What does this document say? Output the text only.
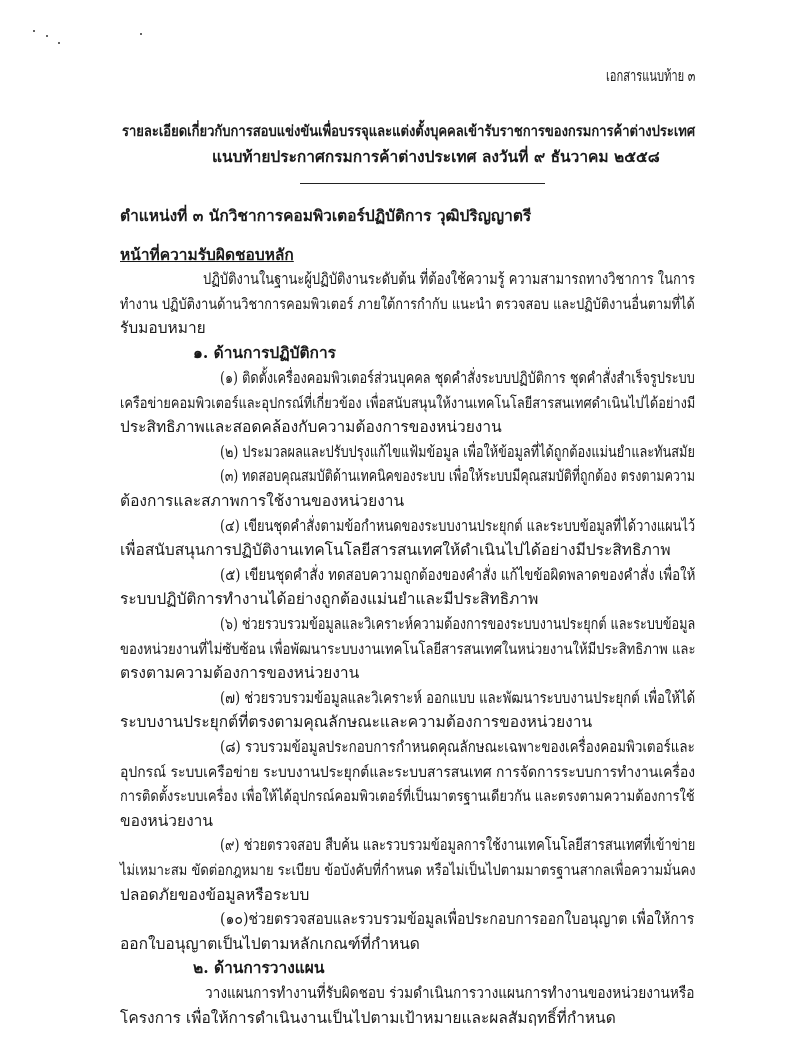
เอกสารแนบท้าย ๓
รายละเอียดเกี่ยวกับการสอบแข่งขันเพื่อบรรจุและแต่งตั้งบุคคลเข้ารับราชการของกรมการค้าต่างประเทศ
แนบท้ายประกาศกรมการค้าต่างประเทศ ลงวันที่ ๙ ธันวาคม ๒๕๕๘
ตำแหน่งที่ ๓ นักวิชาการคอมพิวเตอร์ปฏิบัติการ วุฒิปริญญาตรี
หน้าที่ความรับผิดชอบหลัก
ปฏิบัติงานในฐานะผู้ปฏิบัติงานระดับต้น ที่ต้องใช้ความรู้ ความสามารถทางวิชาการ ในการ
ทำงาน ปฏิบัติงานด้านวิชาการคอมพิวเตอร์ ภายใต้การกำกับ แนะนำ ตรวจสอบ และปฏิบัติงานอื่นตามที่ได้
รับมอบหมาย
๑. ด้านการปฏิบัติการ
(๑) ติดตั้งเครื่องคอมพิวเตอร์ส่วนบุคคล ชุดคำสั่งระบบปฏิบัติการ ชุดคำสั่งสำเร็จรูประบบ
เครือข่ายคอมพิวเตอร์และอุปกรณ์ที่เกี่ยวข้อง เพื่อสนับสนุนให้งานเทคโนโลยีสารสนเทศดำเนินไปได้อย่างมี
ประสิทธิภาพและสอดคล้องกับความต้องการของหน่วยงาน
(๒) ประมวลผลและปรับปรุงแก้ไขแฟ้มข้อมูล เพื่อให้ข้อมูลที่ได้ถูกต้องแม่นยำและทันสมัย
(๓) ทดสอบคุณสมบัติด้านเทคนิคของระบบ เพื่อให้ระบบมีคุณสมบัติที่ถูกต้อง ตรงตามความ
ต้องการและสภาพการใช้งานของหน่วยงาน
(๔) เขียนชุดคำสั่งตามข้อกำหนดของระบบงานประยุกต์ และระบบข้อมูลที่ได้วางแผนไว้
เพื่อสนับสนุนการปฏิบัติงานเทคโนโลยีสารสนเทศให้ดำเนินไปได้อย่างมีประสิทธิภาพ
(๕) เขียนชุดคำสั่ง ทดสอบความถูกต้องของคำสั่ง แก้ไขข้อผิดพลาดของคำสั่ง เพื่อให้
ระบบปฏิบัติการทำงานได้อย่างถูกต้องแม่นยำและมีประสิทธิภาพ
(๖) ช่วยรวบรวมข้อมูลและวิเคราะห์ความต้องการของระบบงานประยุกต์ และระบบข้อมูล
ของหน่วยงานที่ไม่ซับซ้อน เพื่อพัฒนาระบบงานเทคโนโลยีสารสนเทศในหน่วยงานให้มีประสิทธิภาพ และ
ตรงตามความต้องการของหน่วยงาน
(๗) ช่วยรวบรวมข้อมูลและวิเคราะห์ ออกแบบ และพัฒนาระบบงานประยุกต์ เพื่อให้ได้
ระบบงานประยุกต์ที่ตรงตามคุณลักษณะและความต้องการของหน่วยงาน
(๘) รวบรวมข้อมูลประกอบการกำหนดคุณลักษณะเฉพาะของเครื่องคอมพิวเตอร์และ
อุปกรณ์ ระบบเครือข่าย ระบบงานประยุกต์และระบบสารสนเทศ การจัดการระบบการทำงานเครื่อง
การติดตั้งระบบเครื่อง เพื่อให้ได้อุปกรณ์คอมพิวเตอร์ที่เป็นมาตรฐานเดียวกัน และตรงตามความต้องการใช้
ของหน่วยงาน
(๙) ช่วยตรวจสอบ สืบค้น และรวบรวมข้อมูลการใช้งานเทคโนโลยีสารสนเทศที่เข้าข่าย
ไม่เหมาะสม ขัดต่อกฎหมาย ระเบียบ ข้อบังคับที่กำหนด หรือไม่เป็นไปตามมาตรฐานสากลเพื่อความมั่นคง
ปลอดภัยของข้อมูลหรือระบบ
(๑๐)ช่วยตรวจสอบและรวบรวมข้อมูลเพื่อประกอบการออกใบอนุญาต เพื่อให้การ
ออกใบอนุญาตเป็นไปตามหลักเกณฑ์ที่กำหนด
๒. ด้านการวางแผน
วางแผนการทำงานที่รับผิดชอบ ร่วมดำเนินการวางแผนการทำงานของหน่วยงานหรือ
โครงการ เพื่อให้การดำเนินงานเป็นไปตามเป้าหมายและผลสัมฤทธิ์ที่กำหนด
